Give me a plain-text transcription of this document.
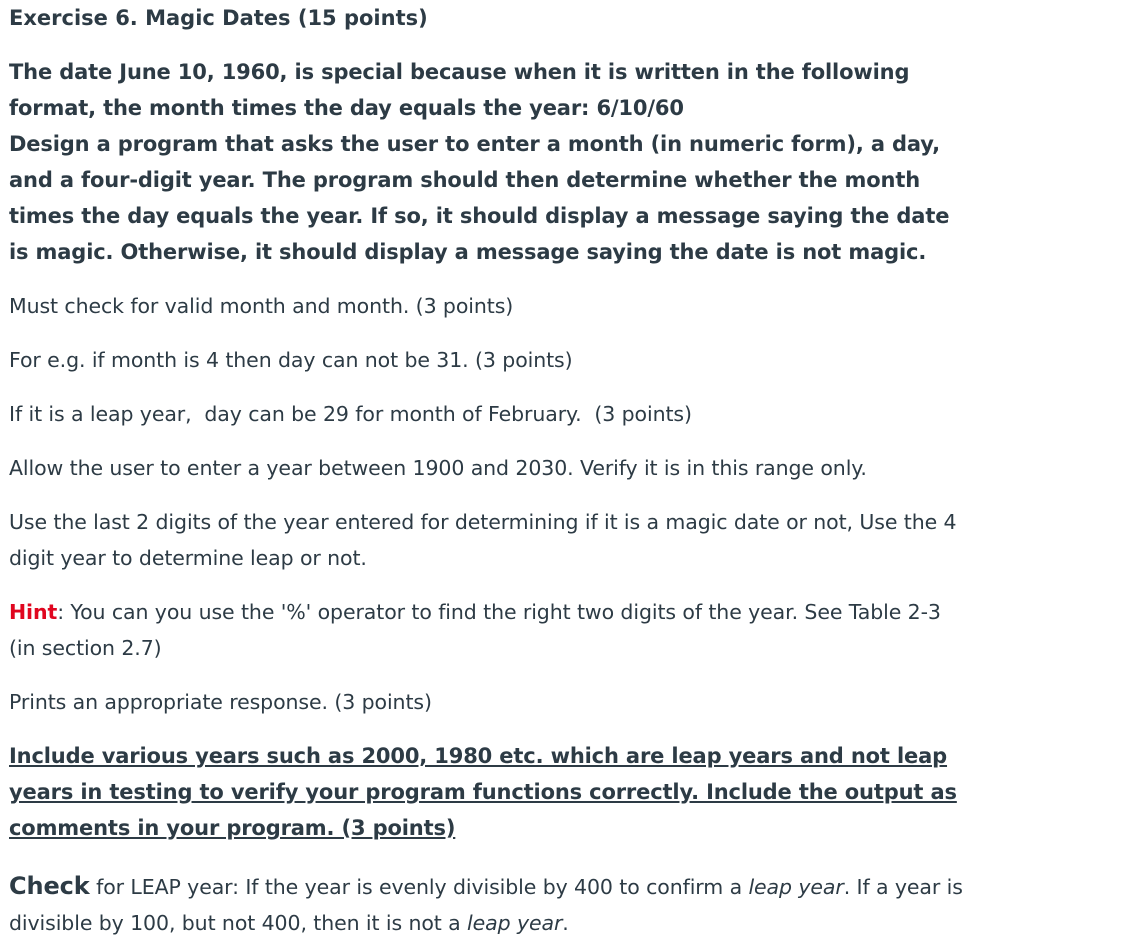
Exercise 6. Magic Dates (15 points)
The date June 10, 1960, is special because when it is written in the following format, the month times the day equals the year: 6/10/60
Design a program that asks the user to enter a month (in numeric form), a day, and a four-digit year. The program should then determine whether the month times the day equals the year. If so, it should display a message saying the date is magic. Otherwise, it should display a message saying the date is not magic.

Must check for valid month and month. (3 points)

For e.g. if month is 4 then day can not be 31. (3 points)

If it is a leap year,  day can be 29 for month of February.  (3 points)

Allow the user to enter a year between 1900 and 2030. Verify it is in this range only.

Use the last 2 digits of the year entered for determining if it is a magic date or not, Use the 4 digit year to determine leap or not.

Hint: You can you use the '%' operator to find the right two digits of the year. See Table 2-3 (in section 2.7)

Prints an appropriate response. (3 points)

Include various years such as 2000, 1980 etc. which are leap years and not leap years in testing to verify your program functions correctly. Include the output as comments in your program. (3 points)

Check for LEAP year: If the year is evenly divisible by 400 to confirm a leap year. If a year is divisible by 100, but not 400, then it is not a leap year.
